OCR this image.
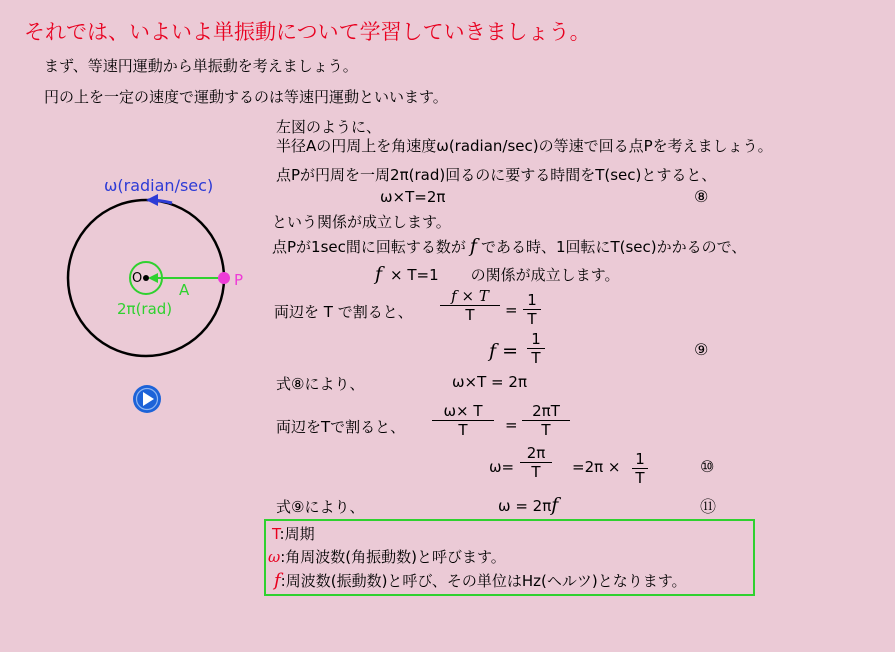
それでは、いよいよ単振動について学習していきましょう。
まず、等速円運動から単振動を考えましょう。
円の上を一定の速度で運動するのは等速円運動といいます。
ω(radian/sec)
O
A
P
2π(rad)
左図のように、
半径Aの円周上を角速度ω(radian/sec)の等速で回る点Pを考えましょう。
点Pが円周を一周2π(rad)回るのに要する時間をT(sec)とすると、
ω×T=2π	⑧
という関係が成立します。
点Pが1sec間に回転する数が f である時、1回転にT(sec)かかるので、
f × T=1 の関係が成立します。
両辺を T で割ると、 $\frac{f \times T}{T} = \frac{1}{T}$
$f = \frac{1}{T}$	⑨
式⑧により、	ω×T = 2π
両辺をTで割ると、 $\frac{\omega\times T}{T} = \frac{2\pi T}{T}$
$\omega= \frac{2\pi}{T} =2\pi \times \frac{1}{T}$	⑩
式⑨により、	ω = 2πf	⑪
T:周期
ω:角周波数(角振動数)と呼びます。
f:周波数(振動数)と呼び、その単位はHz(ヘルツ)となります。
